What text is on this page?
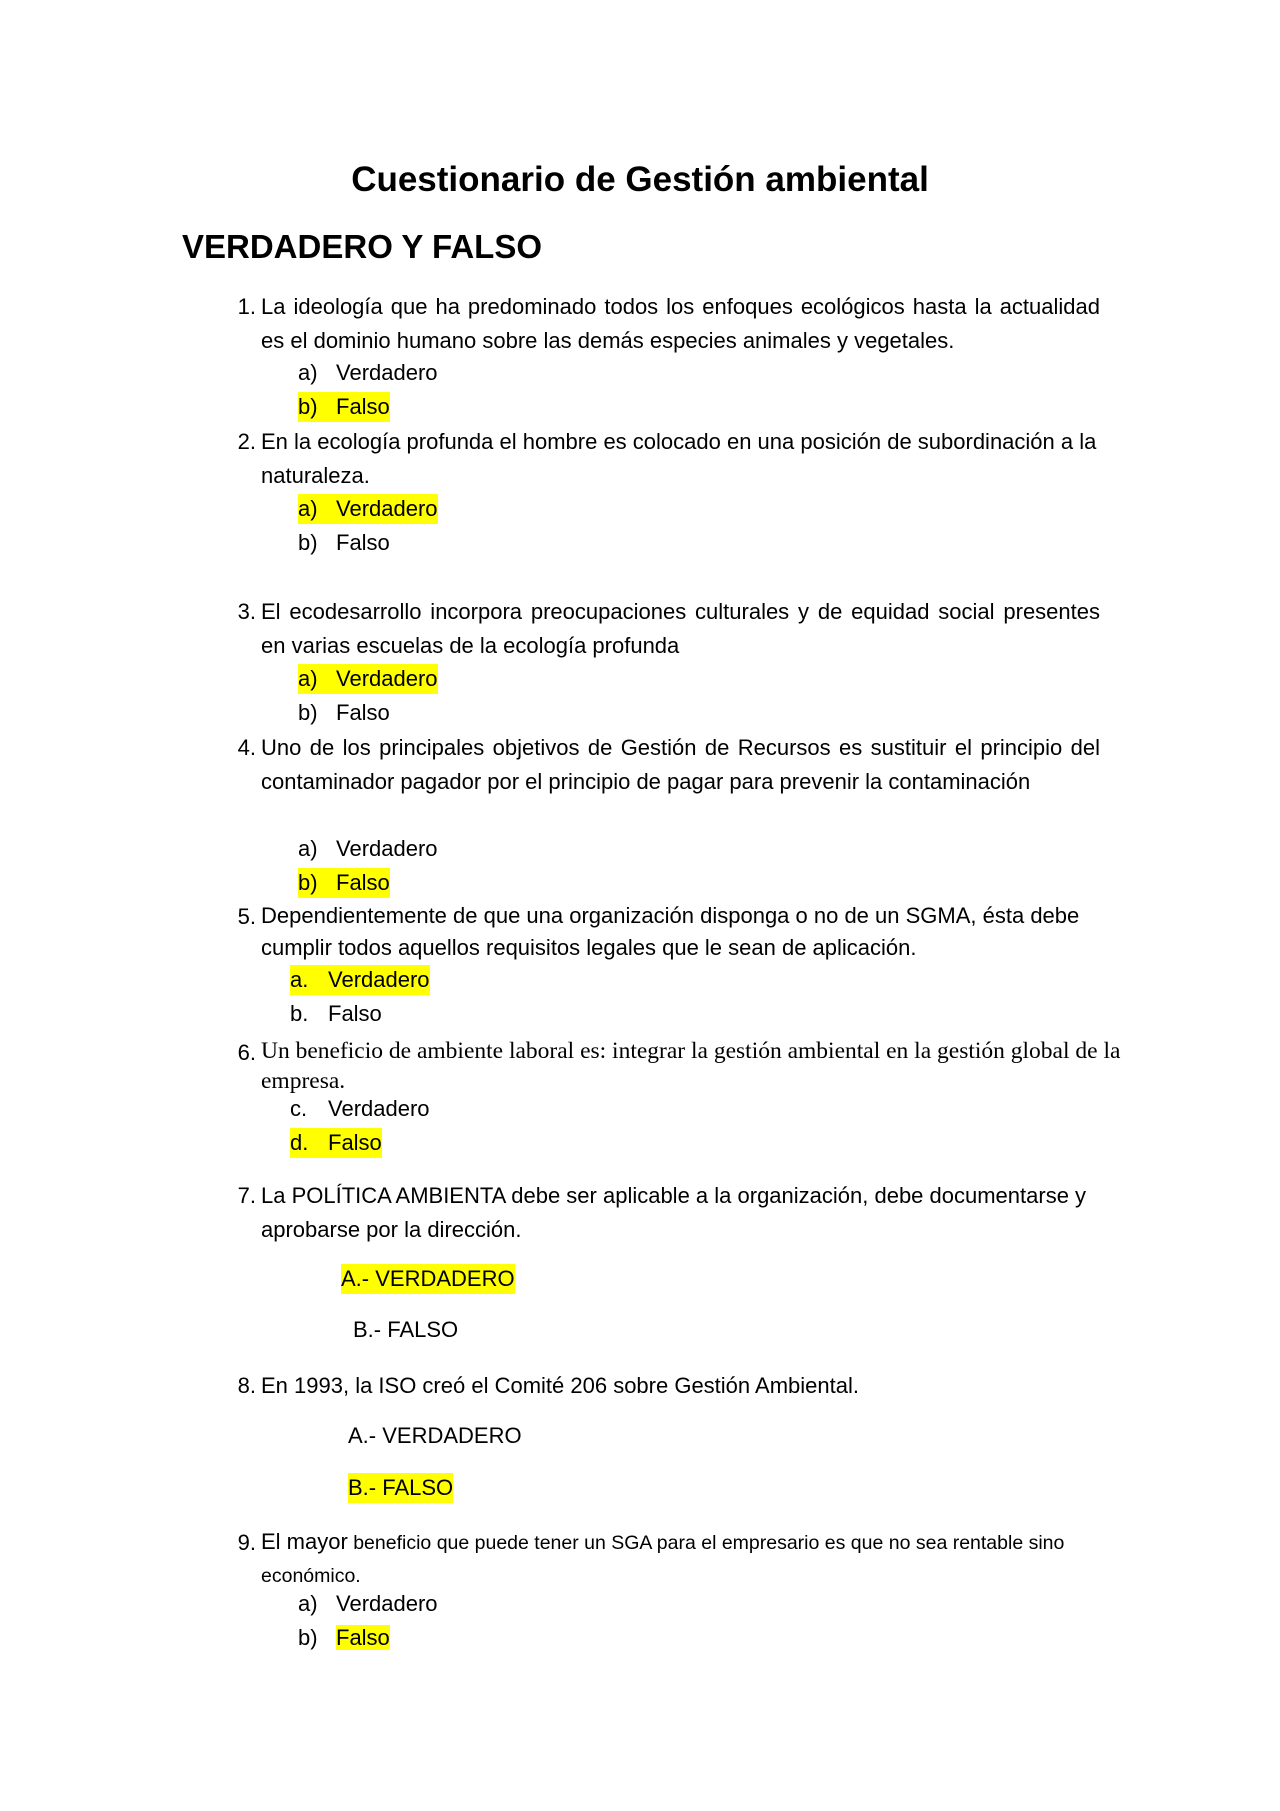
Cuestionario de Gestión ambiental
VERDADERO Y FALSO
1. La ideología que ha predominado todos los enfoques ecológicos hasta la actualidad es el dominio humano sobre las demás especies animales y vegetales.
a) Verdadero
b) Falso
2. En la ecología profunda el hombre es colocado en una posición de subordinación a la naturaleza.
a) Verdadero
b) Falso
3. El ecodesarrollo incorpora preocupaciones culturales y de equidad social presentes en varias escuelas de la ecología profunda
a) Verdadero
b) Falso
4. Uno de los principales objetivos de Gestión de Recursos es sustituir el principio del contaminador pagador por el principio de pagar para prevenir la contaminación
a) Verdadero
b) Falso
5. Dependientemente de que una organización disponga o no de un SGMA, ésta debe cumplir todos aquellos requisitos legales que le sean de aplicación.
a. Verdadero
b. Falso
6. Un beneficio de ambiente laboral es: integrar la gestión ambiental en la gestión global de la empresa.
c. Verdadero
d. Falso
7. La POLÍTICA AMBIENTA debe ser aplicable a la organización, debe documentarse y aprobarse por la dirección.
A.- VERDADERO
B.- FALSO
8. En 1993, la ISO creó el Comité 206 sobre Gestión Ambiental.
A.- VERDADERO
B.- FALSO
9. El mayor beneficio que puede tener un SGA para el empresario es que no sea rentable sino económico.
a) Verdadero
b) Falso
